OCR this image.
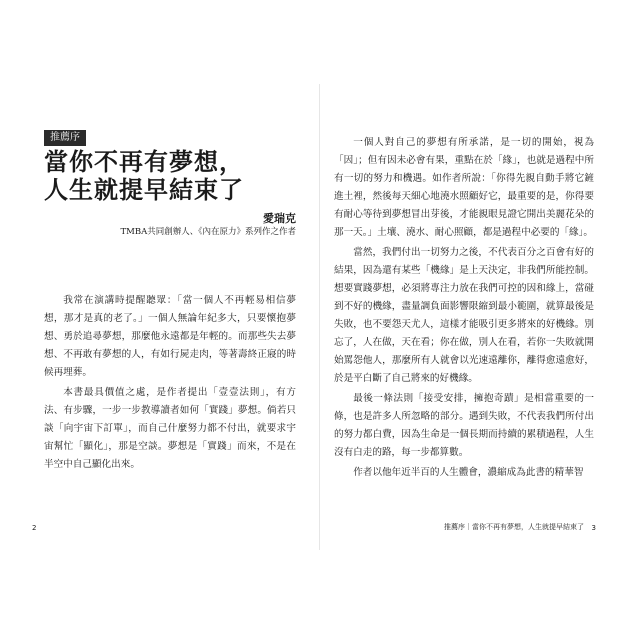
推薦序
當你不再有夢想，
人生就提早結束了
愛瑞克
TMBA共同創辦人、《內在原力》系列作之作者

我常在演講時提醒聽眾：「當一個人不再輕易相信夢想，那才是真的老了。」一個人無論年紀多大，只要懷抱夢想、勇於追尋夢想，那麼他永遠都是年輕的。而那些失去夢想、不再敢有夢想的人，有如行屍走肉，等著壽終正寢的時候再埋葬。

本書最具價值之處，是作者提出「壹壹法則」，有方法、有步驟，一步一步教導讀者如何「實踐」夢想。倘若只談「向宇宙下訂單」，而自己什麼努力都不付出，就要求宇宙幫忙「顯化」，那是空談。夢想是「實踐」而來，不是在半空中自己顯化出來。

2

一個人對自己的夢想有所承諾，是一切的開始，視為「因」；但有因未必會有果，重點在於「緣」，也就是過程中所有一切的努力和機遇。如作者所說：「你得先親自動手將它鏟進土裡，然後每天細心地澆水照顧好它，最重要的是，你得要有耐心等待到夢想冒出芽後，才能親眼見證它開出美麗花朵的那一天。」土壤、澆水、耐心照顧，都是過程中必要的「緣」。

當然，我們付出一切努力之後，不代表百分之百會有好的結果，因為還有某些「機緣」是上天決定，非我們所能控制。想要實踐夢想，必須將專注力放在我們可控的因和緣上，當碰到不好的機緣，盡量調負面影響限縮到最小範圍，就算最後是失敗，也不要怨天尤人，這樣才能吸引更多將來的好機緣。別忘了，人在做，天在看；你在做，別人在看，若你一失敗就開始罵怨他人，那麼所有人就會以光速遠離你，離得愈遠愈好，於是平白斷了自己將來的好機緣。

最後一條法則「接受安排，擁抱奇蹟」是相當重要的一條，也是許多人所忽略的部分。遇到失敗，不代表我們所付出的努力都白費，因為生命是一個長期而持續的累積過程，人生沒有白走的路，每一步都算數。

作者以他年近半百的人生體會，濃縮成為此書的精華智

推薦序｜當你不再有夢想，人生就提早結束了 3
